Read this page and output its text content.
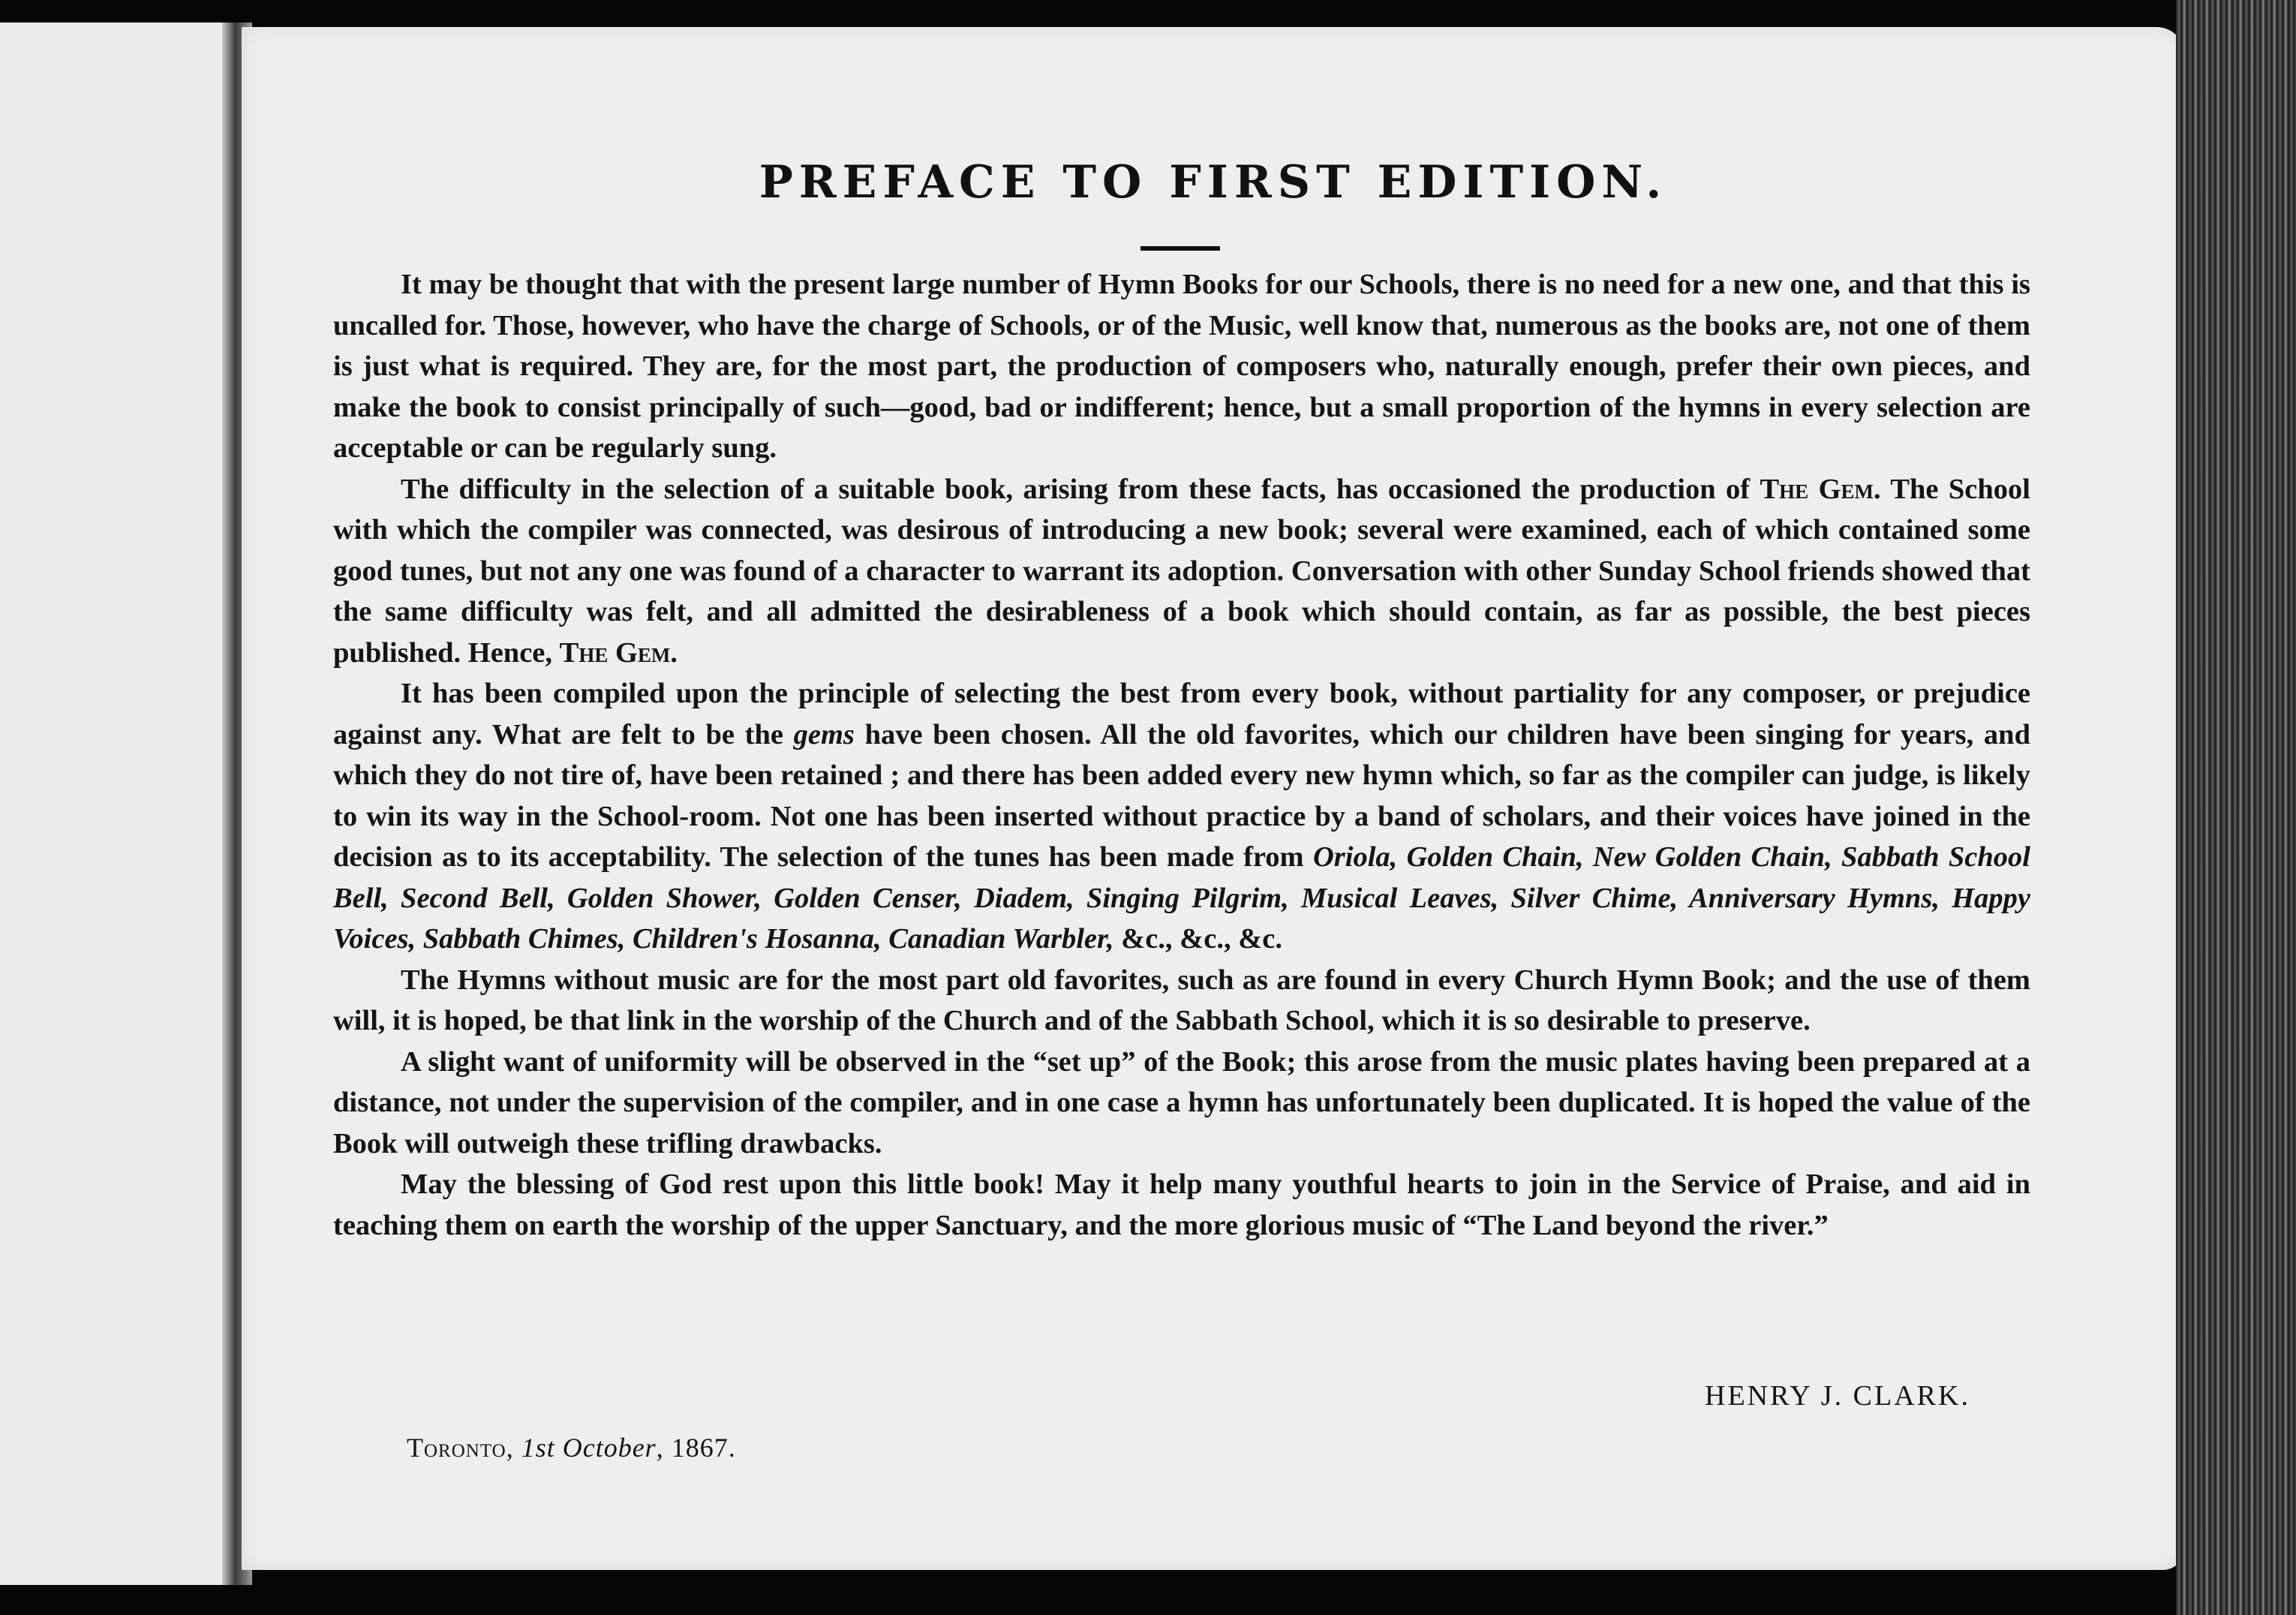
PREFACE TO FIRST EDITION.

It may be thought that with the present large number of Hymn Books for our Schools, there is no need for a new one, and that this is uncalled for. Those, however, who have the charge of Schools, or of the Music, well know that, numerous as the books are, not one of them is just what is required. They are, for the most part, the production of composers who, naturally enough, prefer their own pieces, and make the book to consist principally of such—good, bad or indifferent; hence, but a small proportion of the hymns in every selection are acceptable or can be regularly sung.

The difficulty in the selection of a suitable book, arising from these facts, has occasioned the production of The Gem. The School with which the compiler was connected, was desirous of introducing a new book; several were examined, each of which contained some good tunes, but not any one was found of a character to warrant its adoption. Conversation with other Sunday School friends showed that the same difficulty was felt, and all admitted the desirableness of a book which should contain, as far as possible, the best pieces published. Hence, The Gem.

It has been compiled upon the principle of selecting the best from every book, without partiality for any composer, or prejudice against any. What are felt to be the gems have been chosen. All the old favorites, which our children have been singing for years, and which they do not tire of, have been retained ; and there has been added every new hymn which, so far as the compiler can judge, is likely to win its way in the School-room. Not one has been inserted without practice by a band of scholars, and their voices have joined in the decision as to its acceptability. The selection of the tunes has been made from Oriola, Golden Chain, New Golden Chain, Sabbath School Bell, Second Bell, Golden Shower, Golden Censer, Diadem, Singing Pilgrim, Musical Leaves, Silver Chime, Anniversary Hymns, Happy Voices, Sabbath Chimes, Children's Hosanna, Canadian Warbler, &c., &c., &c.

The Hymns without music are for the most part old favorites, such as are found in every Church Hymn Book; and the use of them will, it is hoped, be that link in the worship of the Church and of the Sabbath School, which it is so desirable to preserve.

A slight want of uniformity will be observed in the “set up” of the Book; this arose from the music plates having been prepared at a distance, not under the supervision of the compiler, and in one case a hymn has unfortunately been duplicated. It is hoped the value of the Book will outweigh these trifling drawbacks.

May the blessing of God rest upon this little book! May it help many youthful hearts to join in the Service of Praise, and aid in teaching them on earth the worship of the upper Sanctuary, and the more glorious music of “The Land beyond the river.”

HENRY J. CLARK.
Toronto, 1st October, 1867.
